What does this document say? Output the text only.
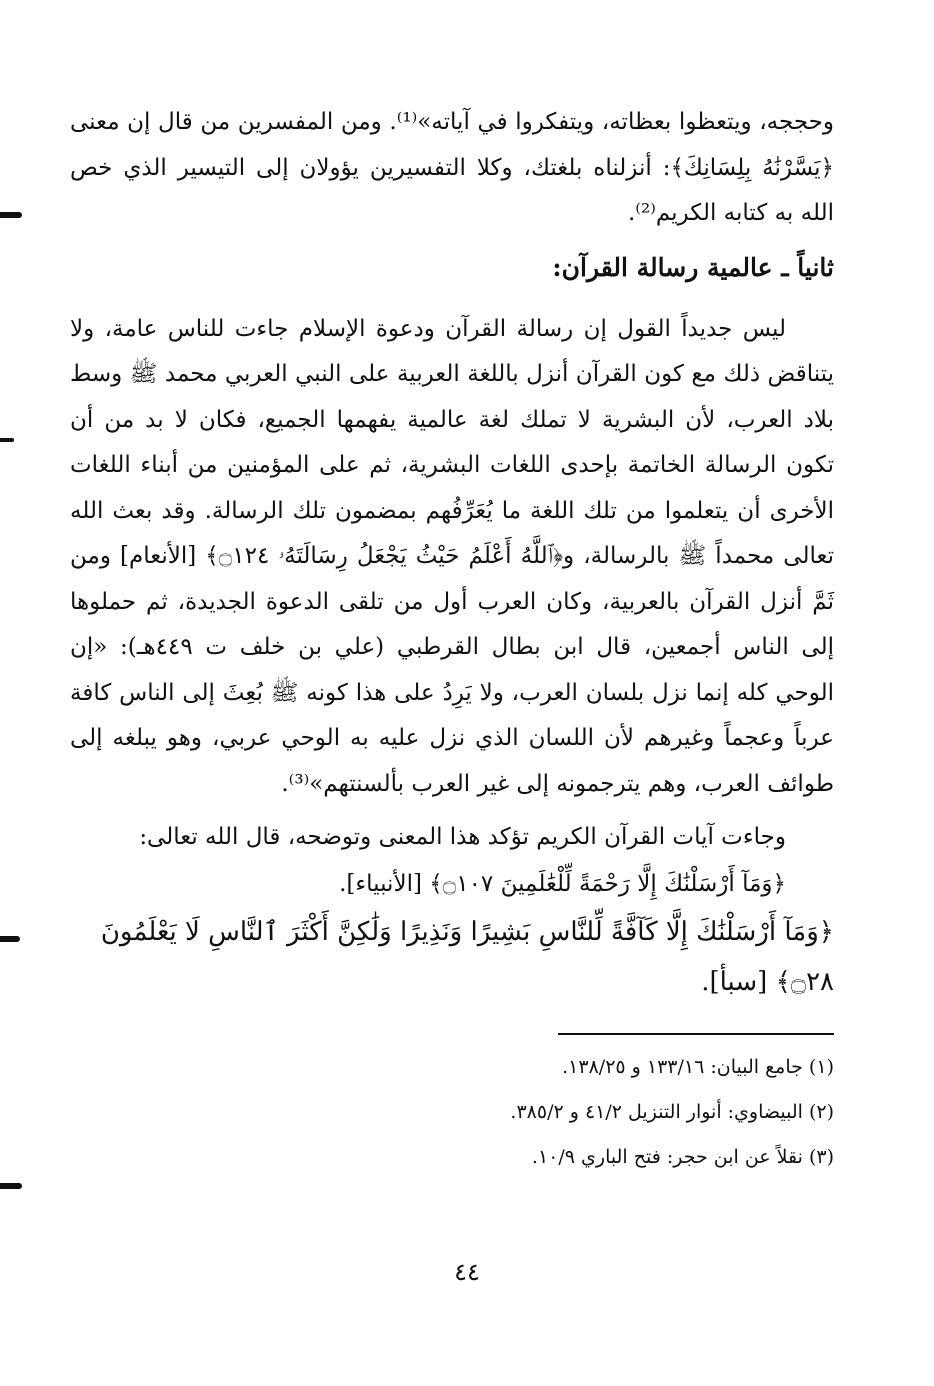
وحججه، ويتعظوا بعظاته، ويتفكروا في آياته»⁽¹⁾. ومن المفسرين من قال إن معنى ﴿يَسَّرْنَٰهُ بِلِسَانِكَ﴾: أنزلناه بلغتك، وكلا التفسيرين يؤولان إلى التيسير الذي خص الله به كتابه الكريم⁽²⁾.

ثانياً ـ عالمية رسالة القرآن:

ليس جديداً القول إن رسالة القرآن ودعوة الإسلام جاءت للناس عامة، ولا يتناقض ذلك مع كون القرآن أنزل باللغة العربية على النبي العربي محمد ﷺ وسط بلاد العرب، لأن البشرية لا تملك لغة عالمية يفهمها الجميع، فكان لا بد من أن تكون الرسالة الخاتمة بإحدى اللغات البشرية، ثم على المؤمنين من أبناء اللغات الأخرى أن يتعلموا من تلك اللغة ما يُعَرِّفُهم بمضمون تلك الرسالة. وقد بعث الله تعالى محمداً ﷺ بالرسالة، و﴿ٱللَّهُ أَعْلَمُ حَيْثُ يَجْعَلُ رِسَالَتَهُۥ ۝١٢٤﴾ [الأنعام] ومن ثَمَّ أنزل القرآن بالعربية، وكان العرب أول من تلقى الدعوة الجديدة، ثم حملوها إلى الناس أجمعين، قال ابن بطال القرطبي (علي بن خلف ت ٤٤٩هـ): «إن الوحي كله إنما نزل بلسان العرب، ولا يَرِدُ على هذا كونه ﷺ بُعِثَ إلى الناس كافة عرباً وعجماً وغيرهم لأن اللسان الذي نزل عليه به الوحي عربي، وهو يبلغه إلى طوائف العرب، وهم يترجمونه إلى غير العرب بألسنتهم»⁽³⁾.

وجاءت آيات القرآن الكريم تؤكد هذا المعنى وتوضحه، قال الله تعالى:

﴿وَمَآ أَرْسَلْنَٰكَ إِلَّا رَحْمَةً لِّلْعَٰلَمِينَ ۝١٠٧﴾ [الأنبياء].

﴿وَمَآ أَرْسَلْنَٰكَ إِلَّا كَآفَّةً لِّلنَّاسِ بَشِيرًا وَنَذِيرًا وَلَٰكِنَّ أَكْثَرَ ٱلنَّاسِ لَا يَعْلَمُونَ ۝٢٨﴾ [سبأ].

(١) جامع البيان: ١٣٣/١٦ و ١٣٨/٢٥.

(٢) البيضاوي: أنوار التنزيل ٤١/٢ و ٣٨٥/٢.

(٣) نقلاً عن ابن حجر: فتح الباري ١٠/٩.

٤٤
